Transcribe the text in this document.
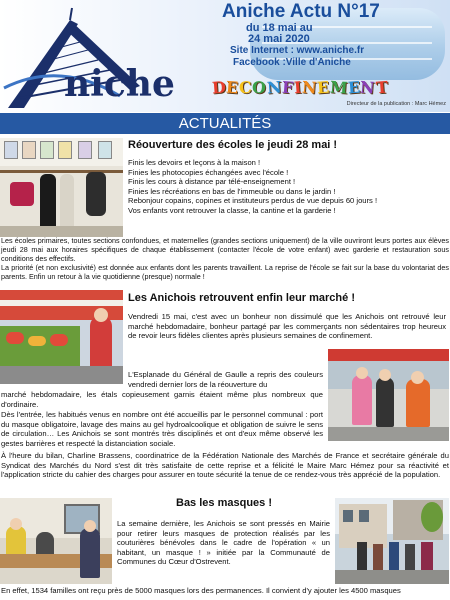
niche
Aniche Actu N°17
du 18 mai au
24 mai 2020
Site Internet : www.aniche.fr
Facebook :Ville d'Aniche
DECONFINEMENT
Directeur de la publication : Marc Hémez
ACTUALITÉS
Réouverture des écoles le jeudi 28 mai !

Finis les devoirs et leçons à la maison !

Finies les photocopies échangées avec l'école !

Finis les cours à distance par télé-enseignement !

Finies les récréations en bas de l'immeuble ou dans le jardin !

Rebonjour copains, copines et instituteurs perdus de vue depuis 60 jours !

Vos enfants vont retrouver la classe, la cantine et la garderie !

Les écoles primaires, toutes sections confondues, et maternelles (grandes sections uniquement) de la ville ouvriront leurs portes aux élèves jeudi 28 mai aux horaires spécifiques de chaque établissement (contacter l'école de votre enfant) avec garderie et restauration sous conditions des effectifs.

La priorité (et non exclusivité) est donnée aux enfants dont les parents travaillent. La reprise de l'école se fait sur la base du volontariat des parents. Enfin un retour à la vie quotidienne (presque) normale !

Les Anichois retrouvent enfin leur marché !
Vendredi 15 mai, c'est avec un bonheur non dissimulé que les Anichois ont retrouvé leur marché hebdomadaire, bonheur partagé par les commerçants non sédentaires trop heureux de revoir leurs fidèles clientes après plusieurs semaines de confinement.
L'Esplanade du Général de Gaulle a repris des couleurs vendredi dernier lors de la réouverture du
marché hebdomadaire, les étals copieusement garnis étaient même plus nombreux que d'ordinaire.
Dès l'entrée, les habitués venus en nombre ont été accueillis par le personnel communal : port du masque obligatoire, lavage des mains au gel hydroalcoolique et obligation de suivre le sens de circulation… Les Anichois se sont montrés très disciplinés et ont d'eux même observé les gestes barrières et respecté la distanciation sociale.
À l'heure du bilan, Charline Brassens, coordinatrice de la Fédération Nationale des Marchés de France et secrétaire générale du Syndicat des Marchés du Nord s'est dit très satisfaite de cette reprise et a félicité le Maire Marc Hémez pour sa réactivité et l'application stricte du cahier des charges pour assurer en toute sécurité la tenue de ce rendez-vous très apprécié de la population.
Bas les masques !
La semaine dernière, les Anichois se sont pressés en Mairie pour retirer leurs masques de protection réalisés par les couturières bénévoles dans le cadre de l'opération « un habitant, un masque ! » initiée par la Communauté de Communes du Cœur d'Ostrevent.
En effet, 1534 familles ont reçu près de 5000 masques lors des permanences. Il convient d'y ajouter les 4500 masques
